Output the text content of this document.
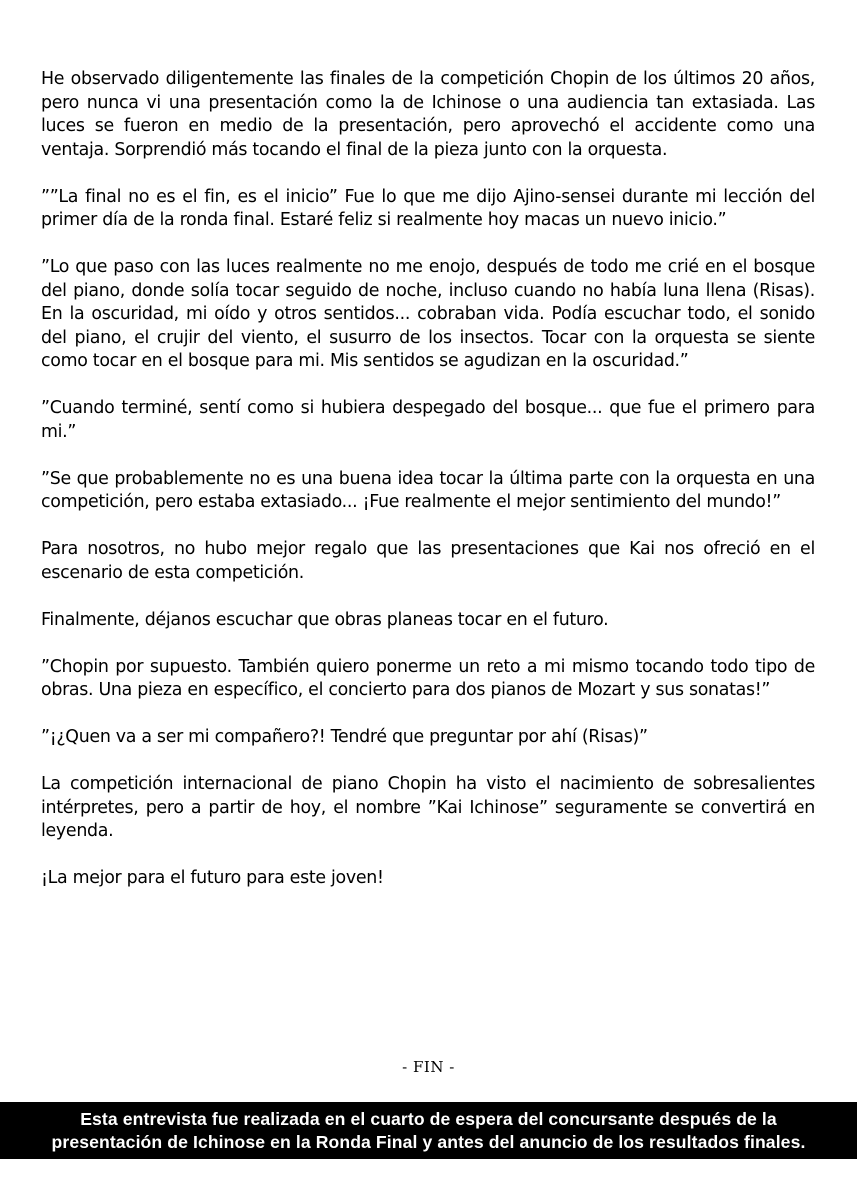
He observado diligentemente las finales de la competición Chopin de los últimos 20 años, pero nunca vi una presentación como la de Ichinose o una audiencia tan extasiada. Las luces se fueron en medio de la presentación, pero aprovechó el accidente como una ventaja. Sorprendió más tocando el final de la pieza junto con la orquesta.

””La final no es el fin, es el inicio” Fue lo que me dijo Ajino-sensei durante mi lección del primer día de la ronda final. Estaré feliz si realmente hoy macas un nuevo inicio.”

”Lo que paso con las luces realmente no me enojo, después de todo me crié en el bosque del piano, donde solía tocar seguido de noche, incluso cuando no había luna llena (Risas). En la oscuridad, mi oído y otros sentidos... cobraban vida. Podía escuchar todo, el sonido del piano, el crujir del viento, el susurro de los insectos. Tocar con la orquesta se siente como tocar en el bosque para mi. Mis sentidos se agudizan en la oscuridad.”

”Cuando terminé, sentí como si hubiera despegado del bosque... que fue el primero para mi.”

”Se que probablemente no es una buena idea tocar la última parte con la orquesta en una competición, pero estaba extasiado... ¡Fue realmente el mejor sentimiento del mundo!”

Para nosotros, no hubo mejor regalo que las presentaciones que Kai nos ofreció en el escenario de esta competición.

Finalmente, déjanos escuchar que obras planeas tocar en el futuro.

”Chopin por supuesto. También quiero ponerme un reto a mi mismo tocando todo tipo de obras. Una pieza en específico, el concierto para dos pianos de Mozart y sus sonatas!”

”¡¿Quen va a ser mi compañero?! Tendré que preguntar por ahí (Risas)”

La competición internacional de piano Chopin ha visto el nacimiento de sobresalientes intérpretes, pero a partir de hoy, el nombre ”Kai Ichinose” seguramente se convertirá en leyenda.

¡La mejor para el futuro para este joven!

- FIN -
Esta entrevista fue realizada en el cuarto de espera del concursante después de la
presentación de Ichinose en la Ronda Final y antes del anuncio de los resultados finales.
